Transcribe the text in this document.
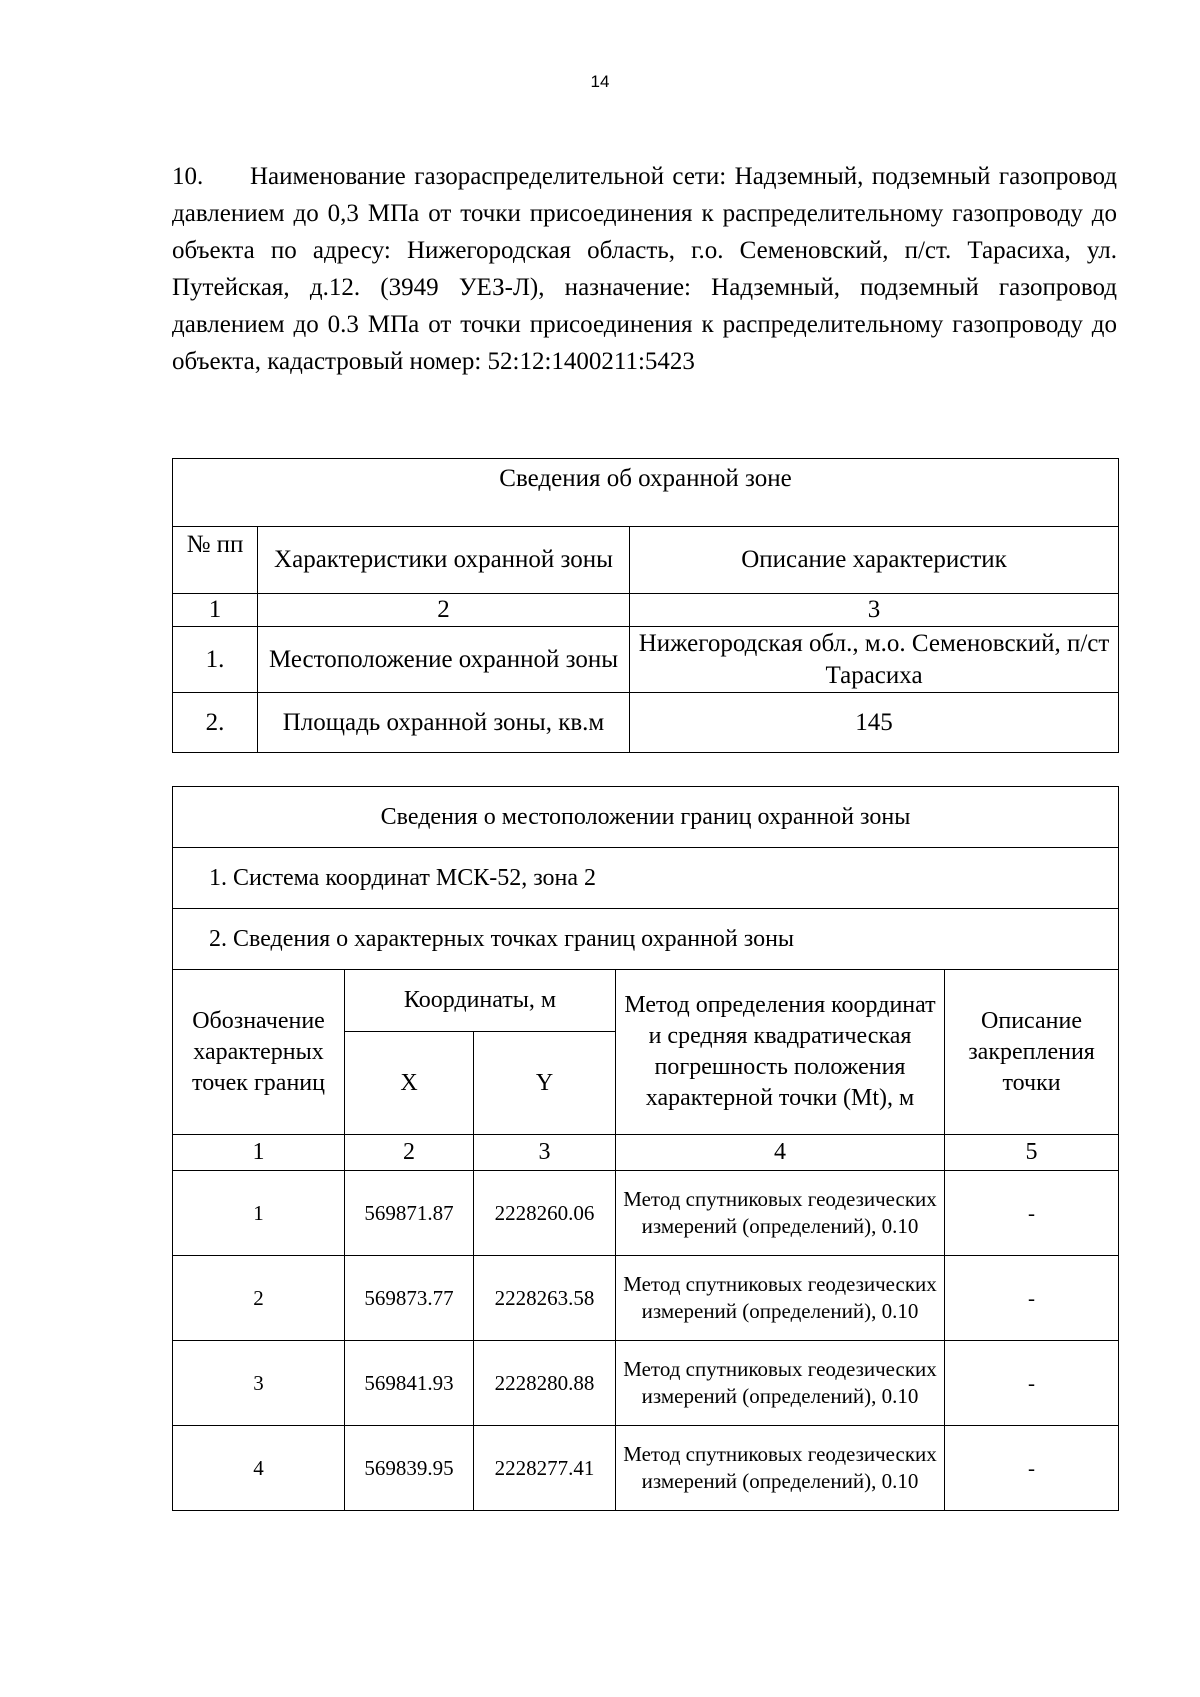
14

10. Наименование газораспределительной сети: Надземный, подземный газопровод давлением до 0,3 МПа от точки присоединения к распределительному газопроводу до объекта по адресу: Нижегородская область, г.о. Семеновский, п/ст. Тарасиха, ул. Путейская, д.12. (3949 УЕЗ-Л), назначение: Надземный, подземный газопровод давлением до 0.3 МПа от точки присоединения к распределительному газопроводу до объекта, кадастровый номер: 52:12:1400211:5423

Сведения об охранной зоне		
№ пп	Характеристики охранной зоны	Описание характеристик
1	2	3
1.	Местоположение охранной зоны	Нижегородская обл., м.о. Семеновский, п/ст Тарасиха
2.	Площадь охранной зоны, кв.м	145
Сведения о местоположении границ охранной зоны				
1. Система координат МСК-52, зона 2				
2. Сведения о характерных точках границ охранной зоны				
Обозначение характерных точек границ	Координаты, м		Метод определения координат и средняя квадратическая погрешность положения характерной точки (Mt), м	Описание закрепления точки
	X	Y		
1	2	3	4	5
1	569871.87	2228260.06	Метод спутниковых геодезических измерений (определений), 0.10	-
2	569873.77	2228263.58	Метод спутниковых геодезических измерений (определений), 0.10	-
3	569841.93	2228280.88	Метод спутниковых геодезических измерений (определений), 0.10	-
4	569839.95	2228277.41	Метод спутниковых геодезических измерений (определений), 0.10	-
